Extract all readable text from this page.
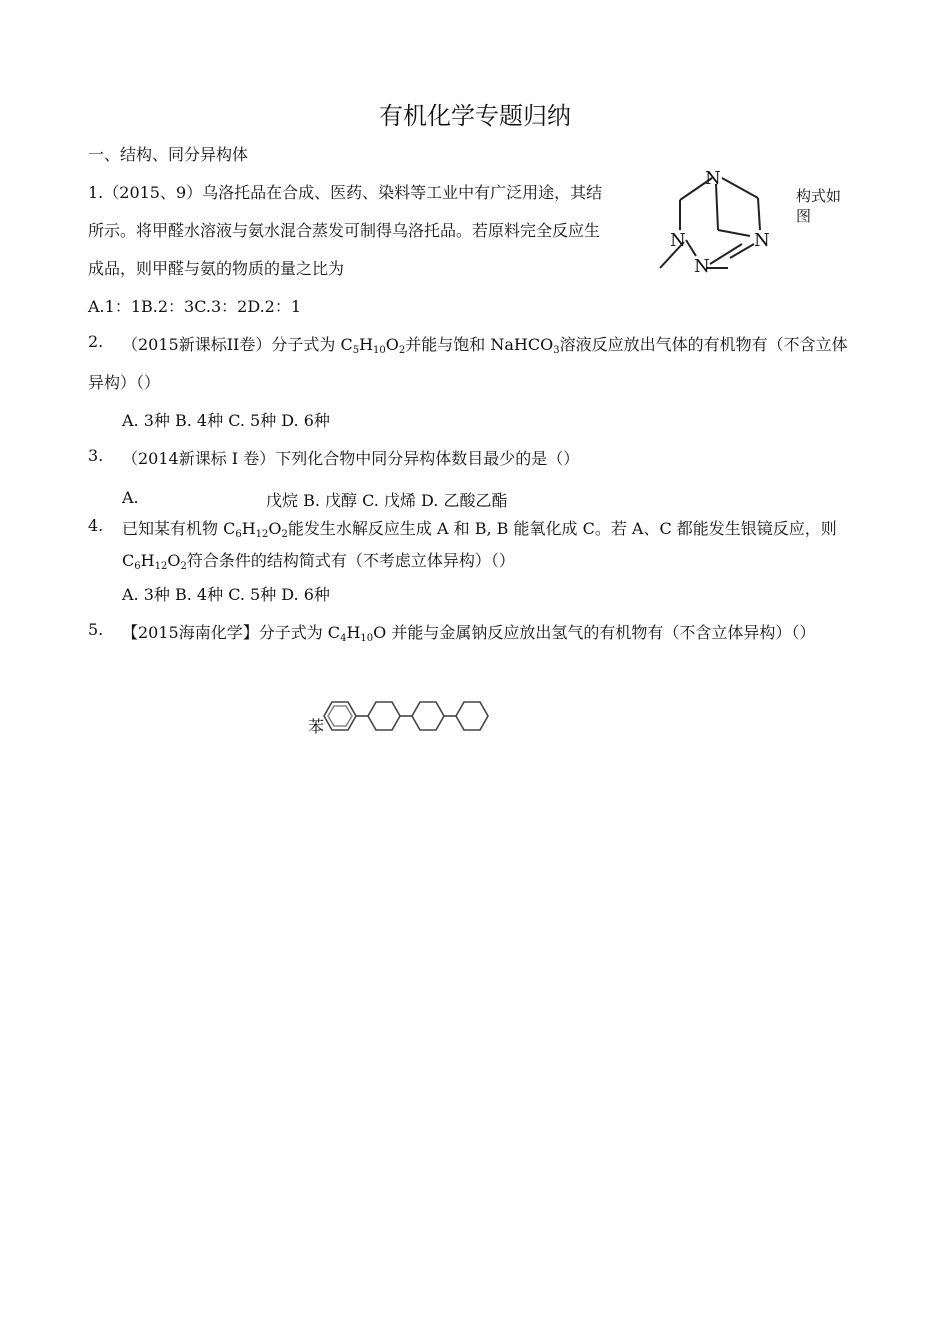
有机化学专题归纳
一、结构、同分异构体
1.（2015、9）乌洛托品在合成、医药、染料等工业中有广泛用途，其结
所示。将甲醛水溶液与氨水混合蒸发可制得乌洛托品。若原料完全反应生
成品，则甲醛与氨的物质的量之比为
构式如图
N
N	N
N
A.1：1B.2：3C.3：2D.2：1
2. （2015新课标II卷）分子式为 $C_5H_{10}O_2$并能与饱和 NaHCO$_3$溶液反应放出气体的有机物有（不含立体
异构）（）
A. 3种 B. 4种 C. 5种 D. 6种
3. （2014新课标 I 卷）下列化合物中同分异构体数目最少的是（）
A.	戊烷 B. 戊醇 C. 戊烯 D. 乙酸乙酯
4. 已知某有机物 $C_6H_{12}O_2$能发生水解反应生成 A 和 B, B 能氧化成 C。若 A、C 都能发生银镜反应，则
$C_6H_{12}O_2$符合条件的结构简式有（不考虑立体异构）（）
A. 3种 B. 4种 C. 5种 D. 6种
5. 【2015海南化学】分子式为 $C_4H_{10}O$ 并能与金属钠反应放出氢气的有机物有（不含立体异构）（）
苯
